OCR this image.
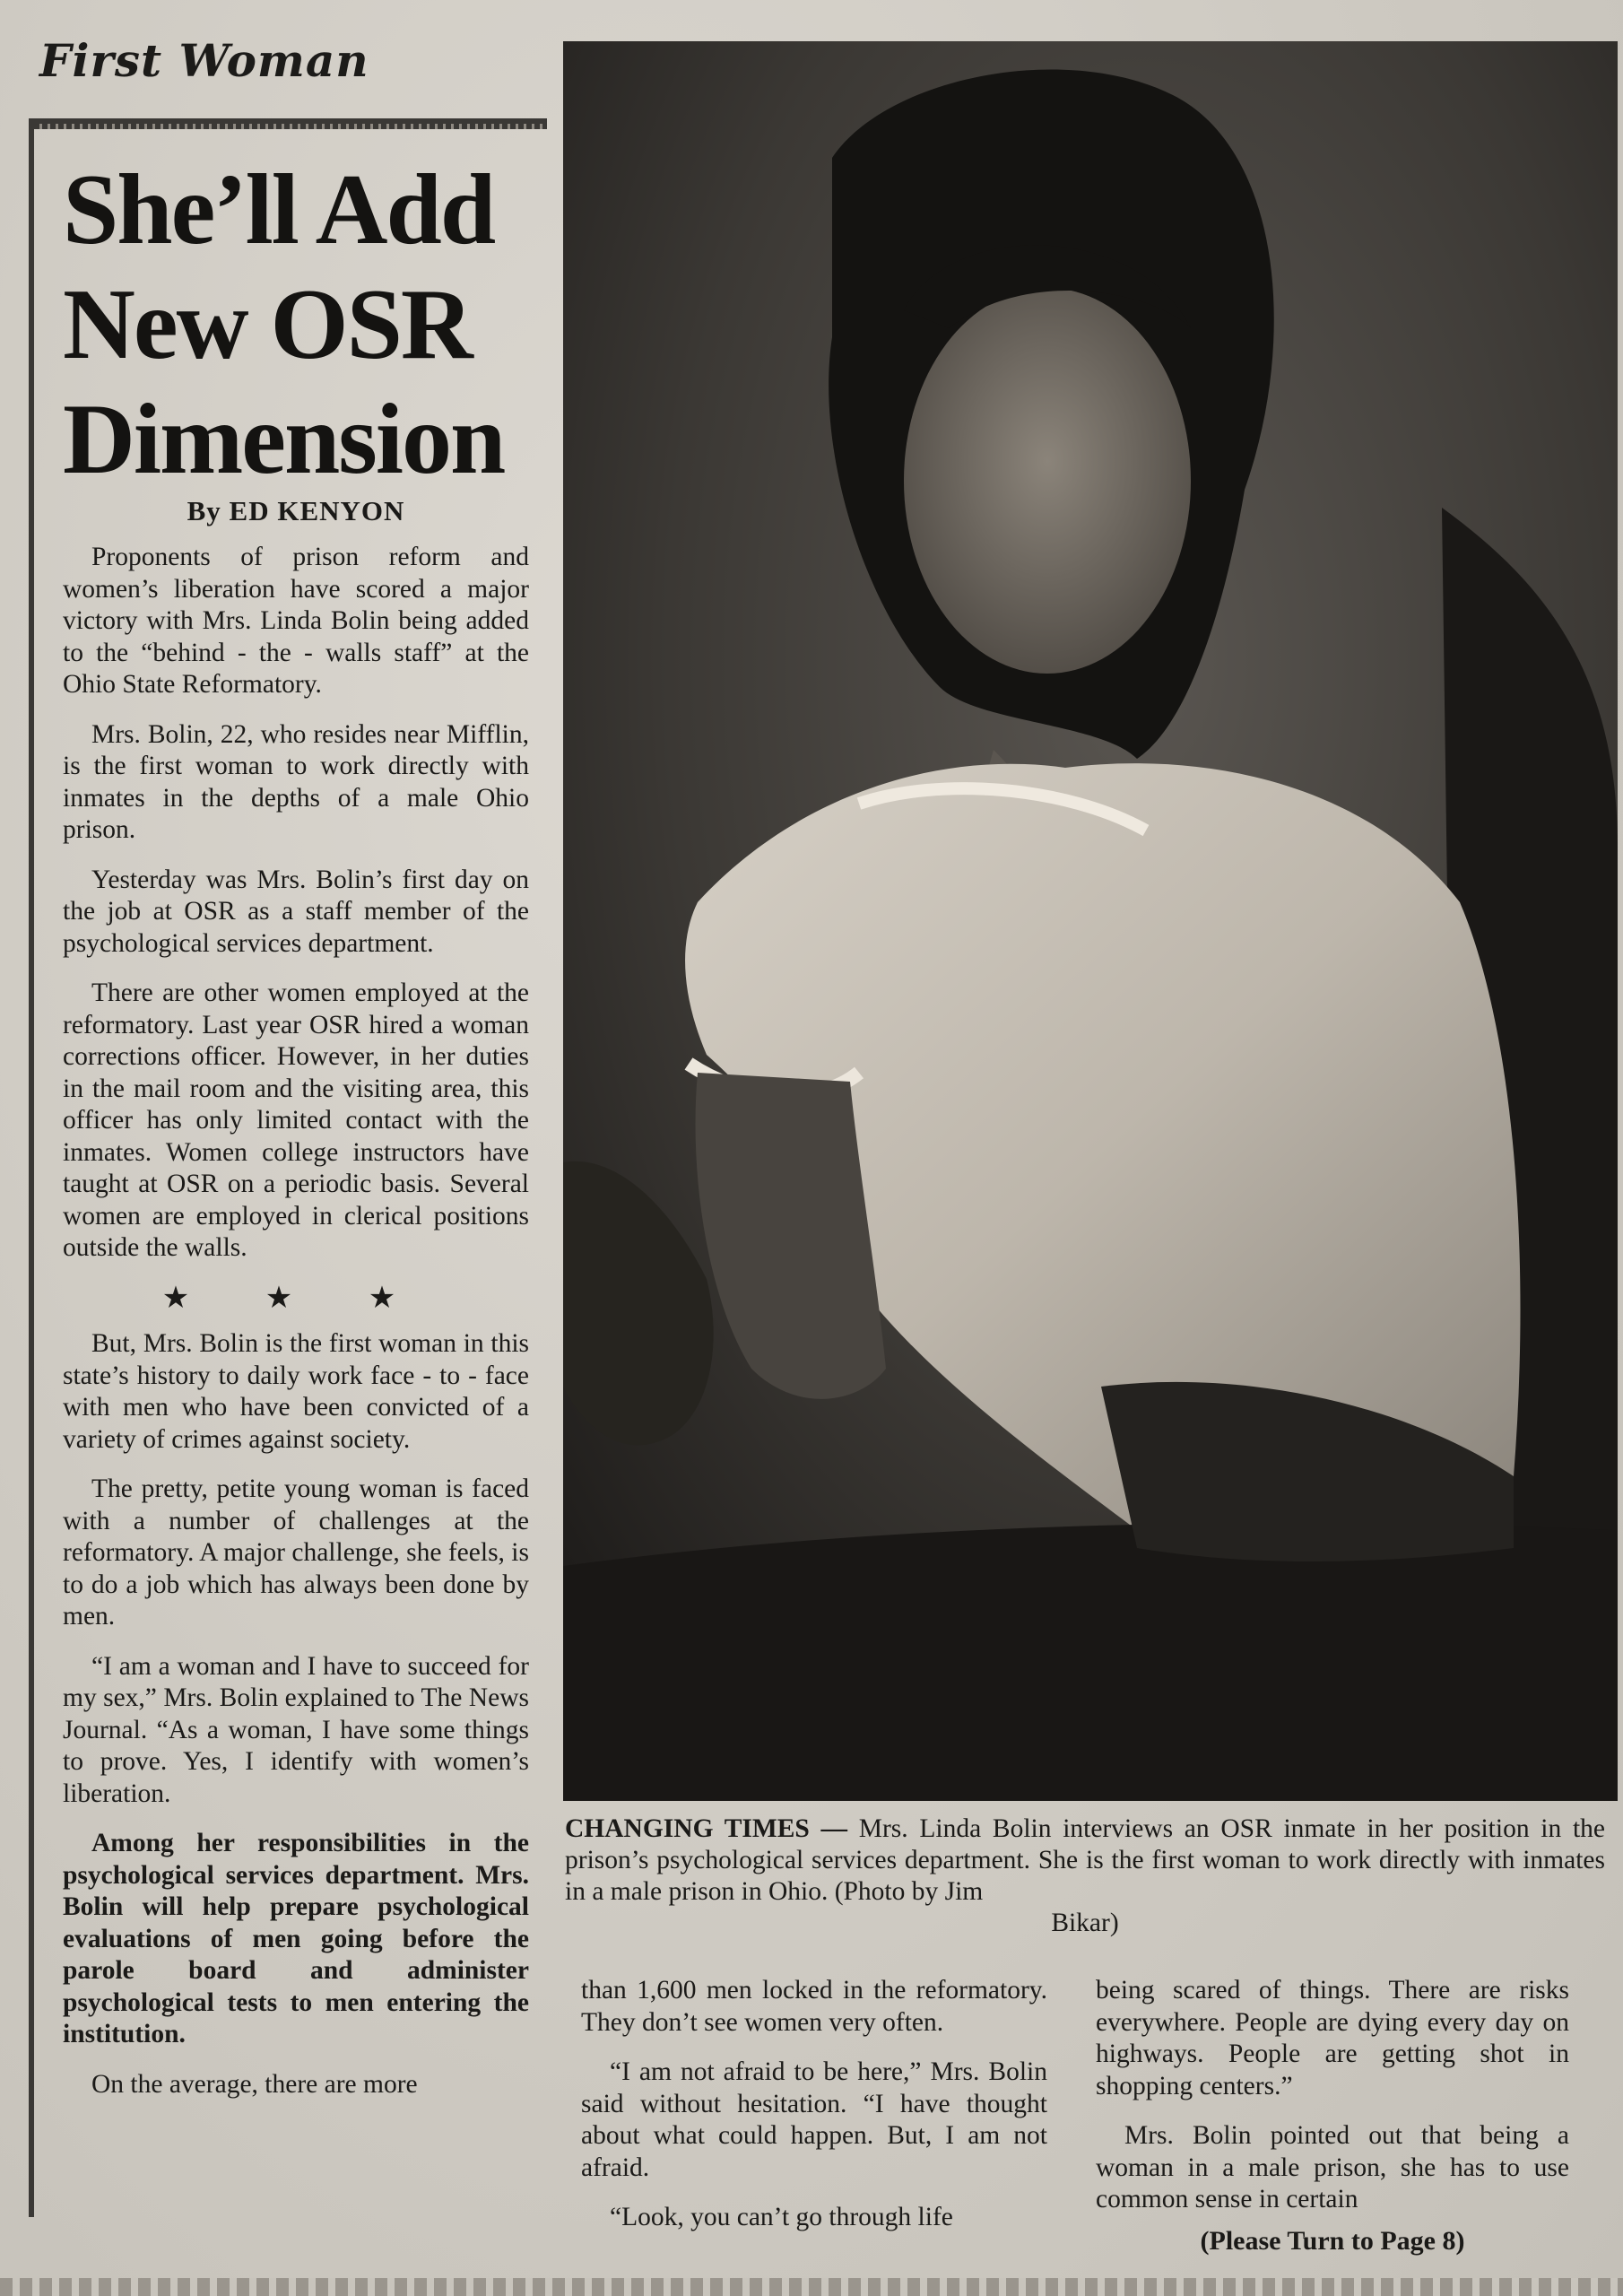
First Woman
She’ll Add
New OSR
Dimension
By ED KENYON

Proponents of prison reform and women’s liberation have scored a major victory with Mrs. Linda Bolin being added to the “behind - the - walls staff” at the Ohio State Reformatory.

Mrs. Bolin, 22, who resides near Mifflin, is the first woman to work directly with inmates in the depths of a male Ohio prison.

Yesterday was Mrs. Bolin’s first day on the job at OSR as a staff member of the psychological services department.

There are other women employed at the reformatory. Last year OSR hired a woman corrections officer. However, in her duties in the mail room and the visiting area, this officer has only limited contact with the inmates. Women college instructors have taught at OSR on a periodic basis. Several women are employed in clerical positions outside the walls.

★ ★ ★

But, Mrs. Bolin is the first woman in this state’s history to daily work face - to - face with men who have been convicted of a variety of crimes against society.

The pretty, petite young woman is faced with a number of challenges at the reformatory. A major challenge, she feels, is to do a job which has always been done by men.

“I am a woman and I have to succeed for my sex,” Mrs. Bolin explained to The News Journal. “As a woman, I have some things to prove. Yes, I identify with women’s liberation.

Among her responsibilities in the psychological services department. Mrs. Bolin will help prepare psychological evaluations of men going before the parole board and administer psychological tests to men entering the institution.

On the average, there are more

CHANGING TIMES — Mrs. Linda Bolin interviews an OSR inmate in her position in the prison’s psychological services department. She is the first woman to work directly with inmates in a male prison in Ohio. (Photo by Jim
Bikar)

than 1,600 men locked in the reformatory. They don’t see women very often.

“I am not afraid to be here,” Mrs. Bolin said without hesitation. “I have thought about what could happen. But, I am not afraid.

“Look, you can’t go through life

being scared of things. There are risks everywhere. People are dying every day on highways. People are getting shot in shopping centers.”

Mrs. Bolin pointed out that being a woman in a male prison, she has to use common sense in certain

(Please Turn to Page 8)
